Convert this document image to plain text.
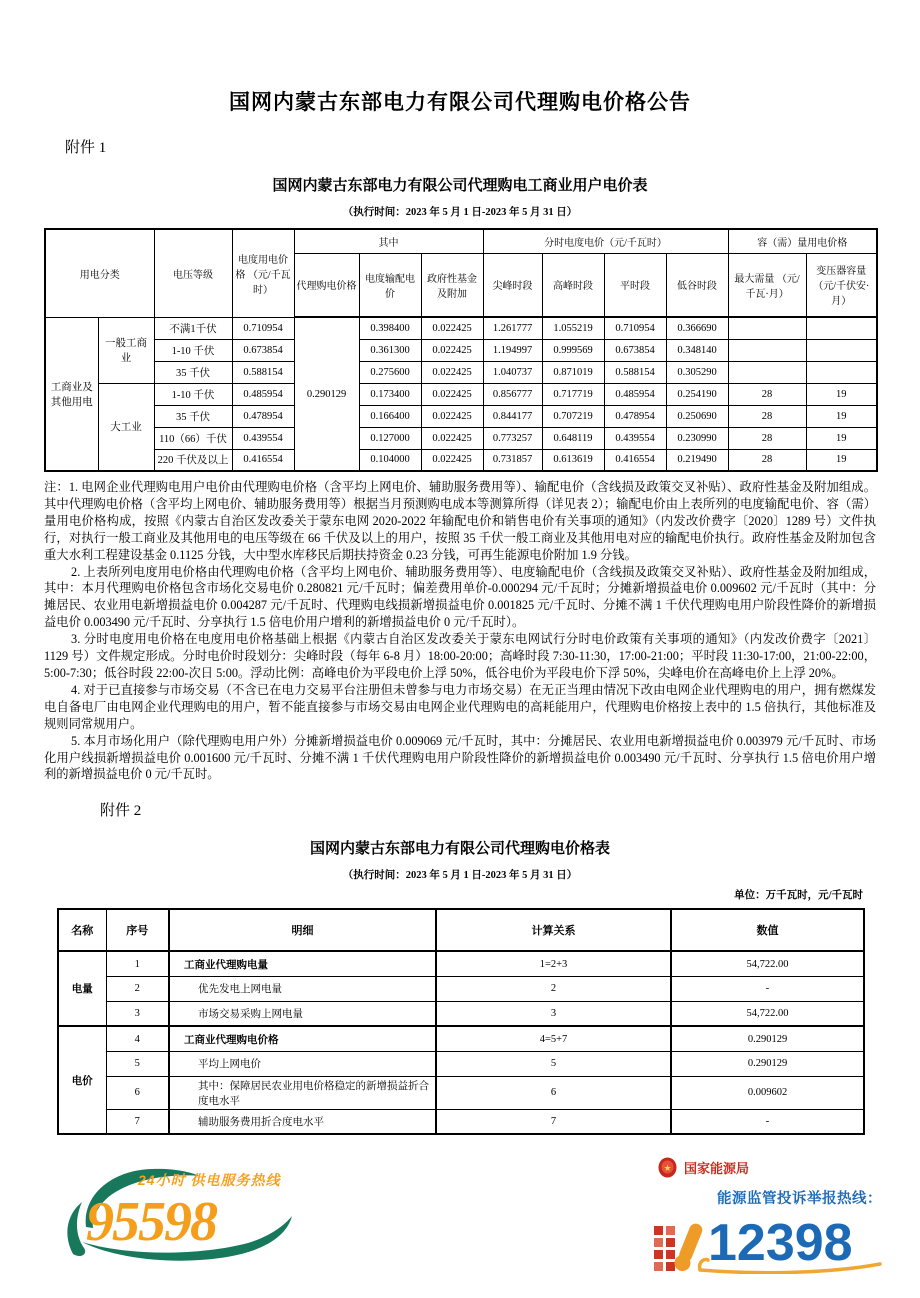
国网内蒙古东部电力有限公司代理购电价格公告
附件 1
国网内蒙古东部电力有限公司代理购电工商业用户电价表
（执行时间：2023 年 5 月 1 日-2023 年 5 月 31 日）
用电分类		电压等级	电度用电价格 （元/千瓦时）	其中			分时电度电价（元/千瓦时）				容（需）量用电价格	
				代理购电价格	电度输配电价	政府性基金 及附加	尖峰时段	高峰时段	平时段	低谷时段	最大需量 （元/千瓦·月）	变压器容量 （元/千伏安·月）
工商业及 其他用电	一般工商业	不满1千伏	0.710954	0.290129	0.398400	0.022425	1.261777	1.055219	0.710954	0.366690		
		1-10 千伏	0.673854		0.361300	0.022425	1.194997	0.999569	0.673854	0.348140		
		35 千伏	0.588154		0.275600	0.022425	1.040737	0.871019	0.588154	0.305290		
	大工业	1-10 千伏	0.485954		0.173400	0.022425	0.856777	0.717719	0.485954	0.254190	28	19
		35 千伏	0.478954		0.166400	0.022425	0.844177	0.707219	0.478954	0.250690	28	19
		110（66）千伏	0.439554		0.127000	0.022425	0.773257	0.648119	0.439554	0.230990	28	19
		220 千伏及以上	0.416554		0.104000	0.022425	0.731857	0.613619	0.416554	0.219490	28	19
注：1. 电网企业代理购电用户电价由代理购电价格（含平均上网电价、辅助服务费用等）、输配电价（含线损及政策交叉补贴）、政府性基金及附加组成。其中代理购电价格（含平均上网电价、辅助服务费用等）根据当月预测购电成本等测算所得（详见表 2）；输配电价由上表所列的电度输配电价、容（需）量用电价格构成，按照《内蒙古自治区发改委关于蒙东电网 2020-2022 年输配电价和销售电价有关事项的通知》（内发改价费字〔2020〕1289 号）文件执行，对执行一般工商业及其他用电的电压等级在 66 千伏及以上的用户，按照 35 千伏一般工商业及其他用电对应的输配电价执行。政府性基金及附加包含重大水利工程建设基金 0.1125 分钱，大中型水库移民后期扶持资金 0.23 分钱，可再生能源电价附加 1.9 分钱。
2. 上表所列电度用电价格由代理购电价格（含平均上网电价、辅助服务费用等）、电度输配电价（含线损及政策交叉补贴）、政府性基金及附加组成，其中：本月代理购电价格包含市场化交易电价 0.280821 元/千瓦时；偏差费用单价-0.000294 元/千瓦时；分摊新增损益电价 0.009602 元/千瓦时（其中：分摊居民、农业用电新增损益电价 0.004287 元/千瓦时、代理购电线损新增损益电价 0.001825 元/千瓦时、分摊不满 1 千伏代理购电用户阶段性降价的新增损益电价 0.003490 元/千瓦时、分享执行 1.5 倍电价用户增利的新增损益电价 0 元/千瓦时）。
3. 分时电度用电价格在电度用电价格基础上根据《内蒙古自治区发改委关于蒙东电网试行分时电价政策有关事项的通知》（内发改价费字〔2021〕1129 号）文件规定形成。分时电价时段划分：尖峰时段（每年 6-8 月）18:00-20:00；高峰时段 7:30-11:30，17:00-21:00；平时段 11:30-17:00，21:00-22:00，5:00-7:30；低谷时段 22:00-次日 5:00。浮动比例：高峰电价为平段电价上浮 50%，低谷电价为平段电价下浮 50%，尖峰电价在高峰电价上上浮 20%。
4. 对于已直接参与市场交易（不含已在电力交易平台注册但未曾参与电力市场交易）在无正当理由情况下改由电网企业代理购电的用户，拥有燃煤发电自备电厂由电网企业代理购电的用户，暂不能直接参与市场交易由电网企业代理购电的高耗能用户，代理购电价格按上表中的 1.5 倍执行，其他标准及规则同常规用户。
5. 本月市场化用户（除代理购电用户外）分摊新增损益电价 0.009069 元/千瓦时，其中：分摊居民、农业用电新增损益电价 0.003979 元/千瓦时、市场化用户线损新增损益电价 0.001600 元/千瓦时、分摊不满 1 千伏代理购电用户阶段性降价的新增损益电价 0.003490 元/千瓦时、分享执行 1.5 倍电价用户增利的新增损益电价 0 元/千瓦时。
附件 2
国网内蒙古东部电力有限公司代理购电价格表
（执行时间：2023 年 5 月 1 日-2023 年 5 月 31 日）
单位：万千瓦时，元/千瓦时
名称	序号	明细	计算关系	数值
电量	1	工商业代理购电量	1=2+3	54,722.00
	2	优先发电上网电量	2	-
	3	市场交易采购上网电量	3	54,722.00
电价	4	工商业代理购电价格	4=5+7	0.290129
	5	平均上网电价	5	0.290129
	6	其中：保障居民农业用电价格稳定的新增损益折合度电水平	6	0.009602
	7	辅助服务费用折合度电水平	7	-
24小时 供电服务热线
95598
★ 国家能源局
能源监管投诉举报热线：
12398
